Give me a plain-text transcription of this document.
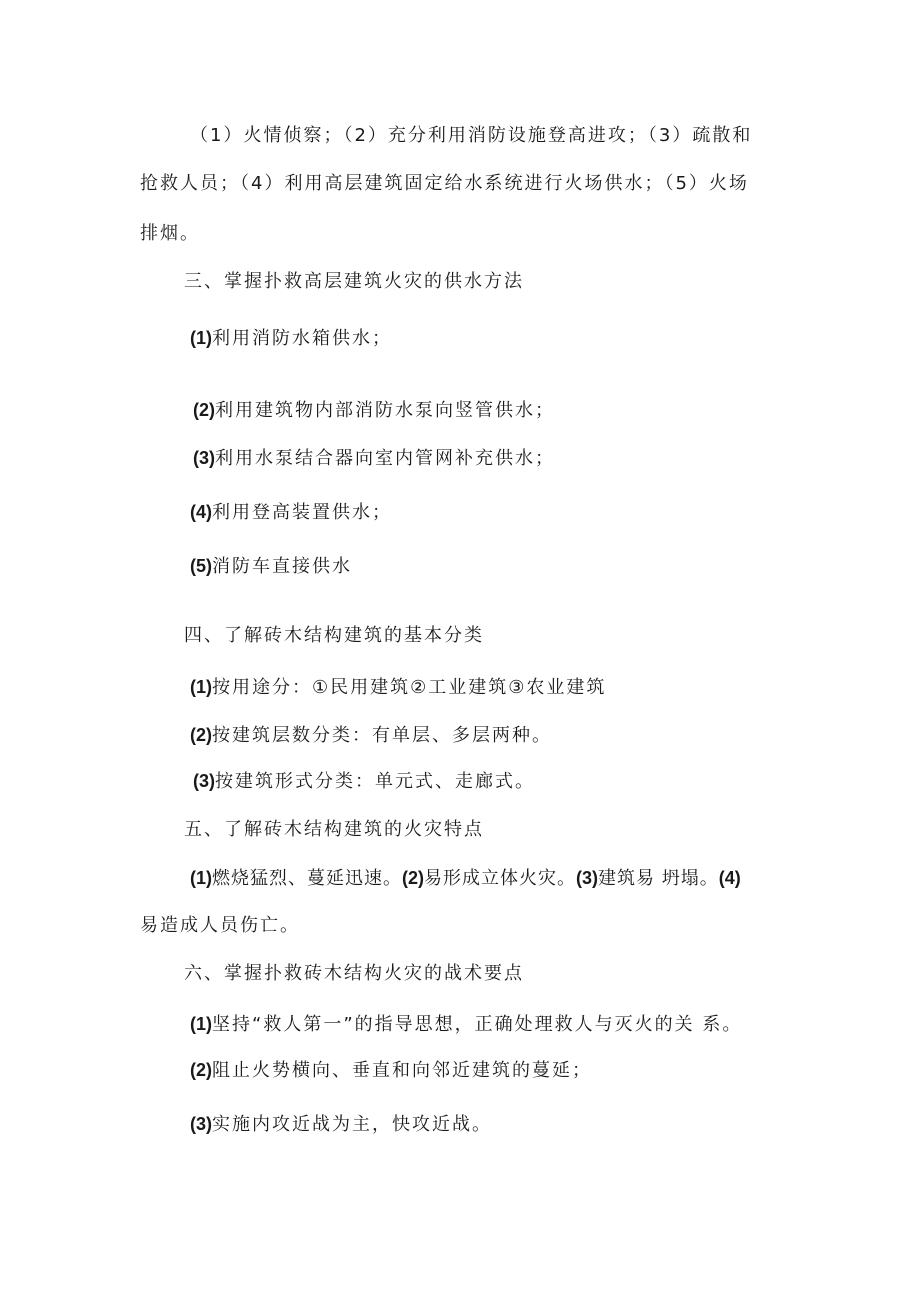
（1）火情侦察；（2）充分利用消防设施登高进攻；（3）疏散和

抢救人员；（4）利用高层建筑固定给水系统进行火场供水；（5）火场

排烟。

三、掌握扑救高层建筑火灾的供水方法

(1)利用消防水箱供水；

(2)利用建筑物内部消防水泵向竖管供水；

(3)利用水泵结合器向室内管网补充供水；

(4)利用登高装置供水；

(5)消防车直接供水

四、了解砖木结构建筑的基本分类

(1)按用途分：①民用建筑②工业建筑③农业建筑

(2)按建筑层数分类：有单层、多层两种。

(3)按建筑形式分类：单元式、走廊式。

五、了解砖木结构建筑的火灾特点

(1)燃烧猛烈、蔓延迅速。(2)易形成立体火灾。(3)建筑易 坍塌。(4)

易造成人员伤亡。

六、掌握扑救砖木结构火灾的战术要点

(1)坚持“救人第一”的指导思想，正确处理救人与灭火的关 系。

(2)阻止火势横向、垂直和向邻近建筑的蔓延；

(3)实施内攻近战为主，快攻近战。
